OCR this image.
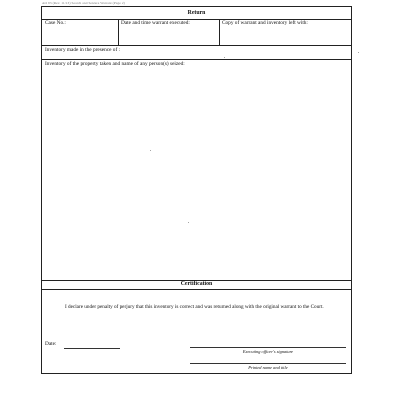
AO 93 (Rev. 11/13) Search and Seizure Warrant (Page 2)
Return
Case No.:	Date and time warrant executed:	Copy of warrant and inventory left with:
Inventory made in the presence of :
Inventory of the property taken and name of any person(s) seized:
Certification
I declare under penalty of perjury that this inventory is correct and was returned along with the original warrant to the Court.
Date:
Executing officer's signature
Printed name and title
